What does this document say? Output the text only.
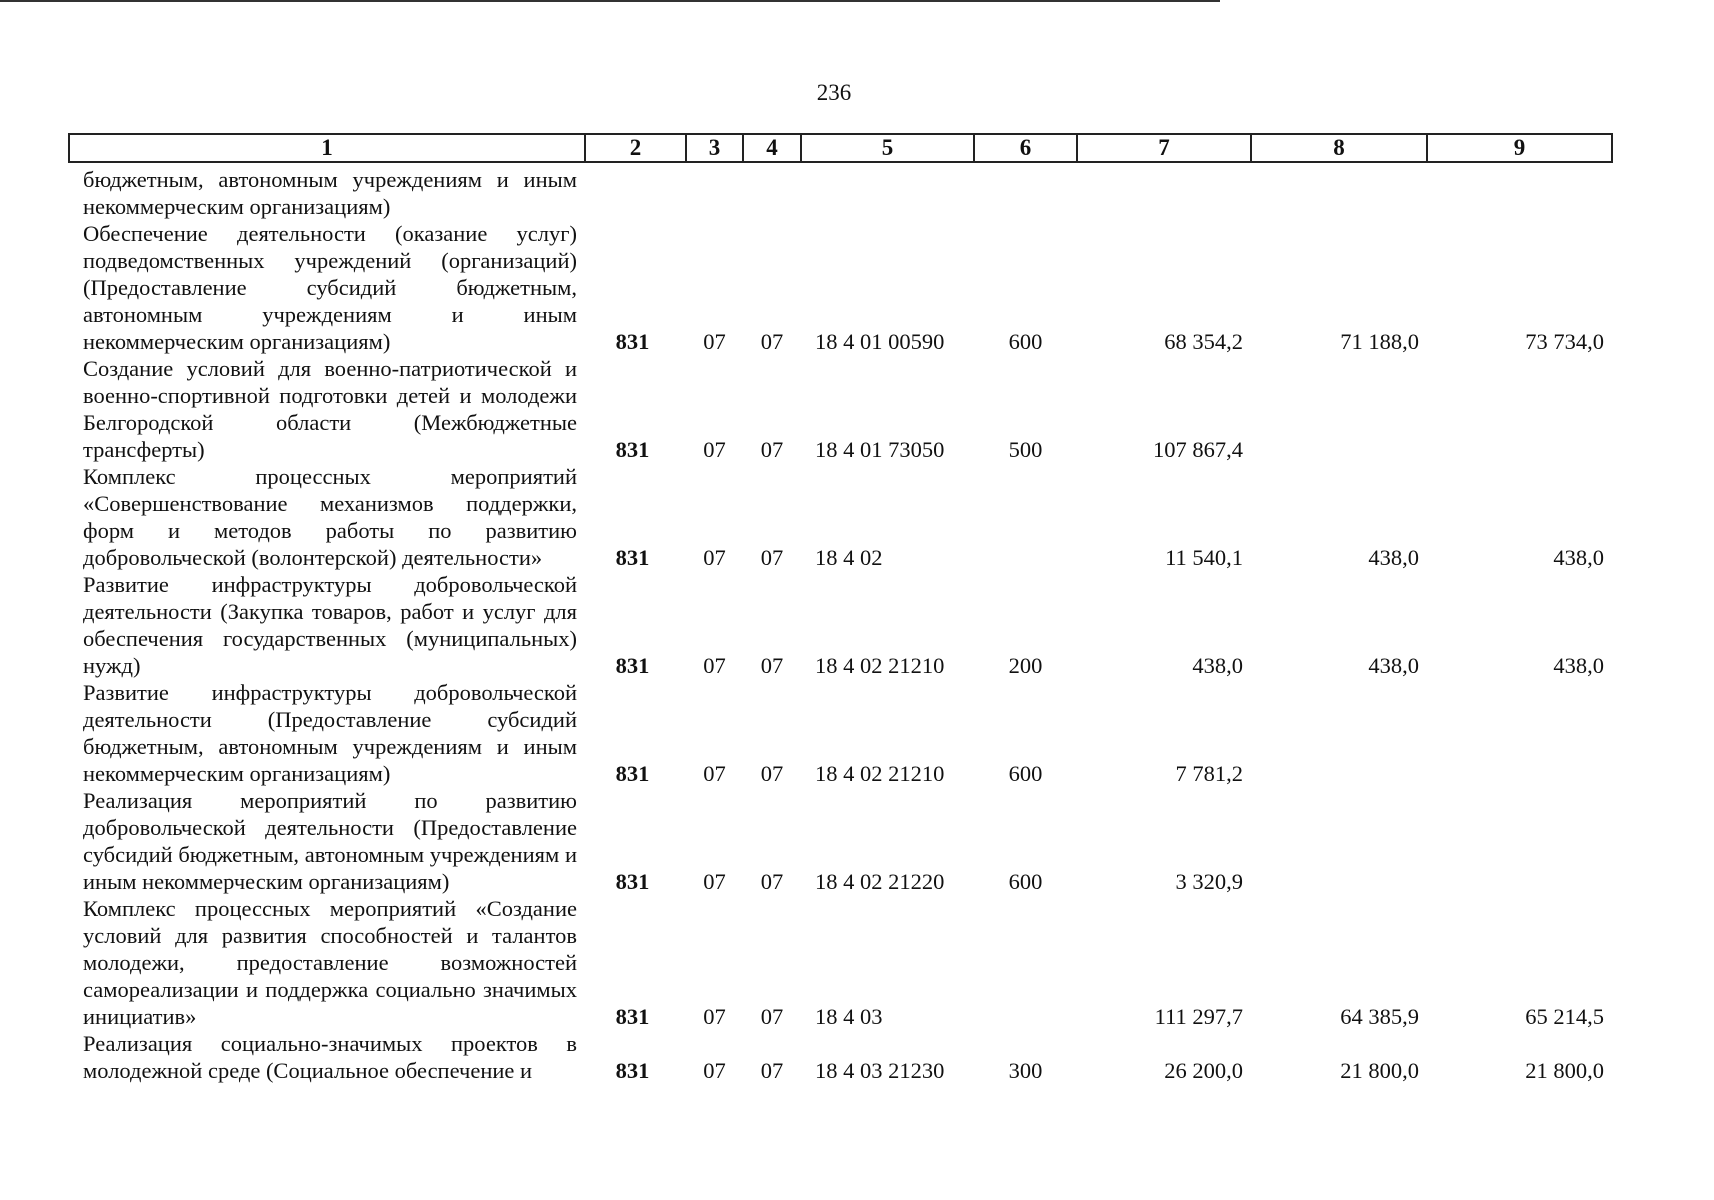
236
1	2	3	4	5	6	7	8	9

бюджетным, автономным учреждениям и иным некоммерческим организациям)								
Обеспечение деятельности (оказание услуг) подведомственных учреждений (организаций) (Предоставление субсидий бюджетным, автономным учреждениям и иным некоммерческим организациям)	831	07	07	18 4 01 00590	600	68 354,2	71 188,0	73 734,0
Создание условий для военно-патриотической и военно-спортивной подготовки детей и молодежи Белгородской области (Межбюджетные трансферты)	831	07	07	18 4 01 73050	500	107 867,4		
Комплекс процессных мероприятий «Совершенствование механизмов поддержки, форм и методов работы по развитию добровольческой (волонтерской) деятельности»	831	07	07	18 4 02		11 540,1	438,0	438,0
Развитие инфраструктуры добровольческой деятельности (Закупка товаров, работ и услуг для обеспечения государственных (муниципальных) нужд)	831	07	07	18 4 02 21210	200	438,0	438,0	438,0
Развитие инфраструктуры добровольческой деятельности (Предоставление субсидий бюджетным, автономным учреждениям и иным некоммерческим организациям)	831	07	07	18 4 02 21210	600	7 781,2		
Реализация мероприятий по развитию добровольческой деятельности (Предоставление субсидий бюджетным, автономным учреждениям и иным некоммерческим организациям)	831	07	07	18 4 02 21220	600	3 320,9		
Комплекс процессных мероприятий «Создание условий для развития способностей и талантов молодежи, предоставление возможностей самореализации и поддержка социально значимых инициатив»	831	07	07	18 4 03		111 297,7	64 385,9	65 214,5
Реализация социально-значимых проектов в молодежной среде (Социальное обеспечение и	831	07	07	18 4 03 21230	300	26 200,0	21 800,0	21 800,0
